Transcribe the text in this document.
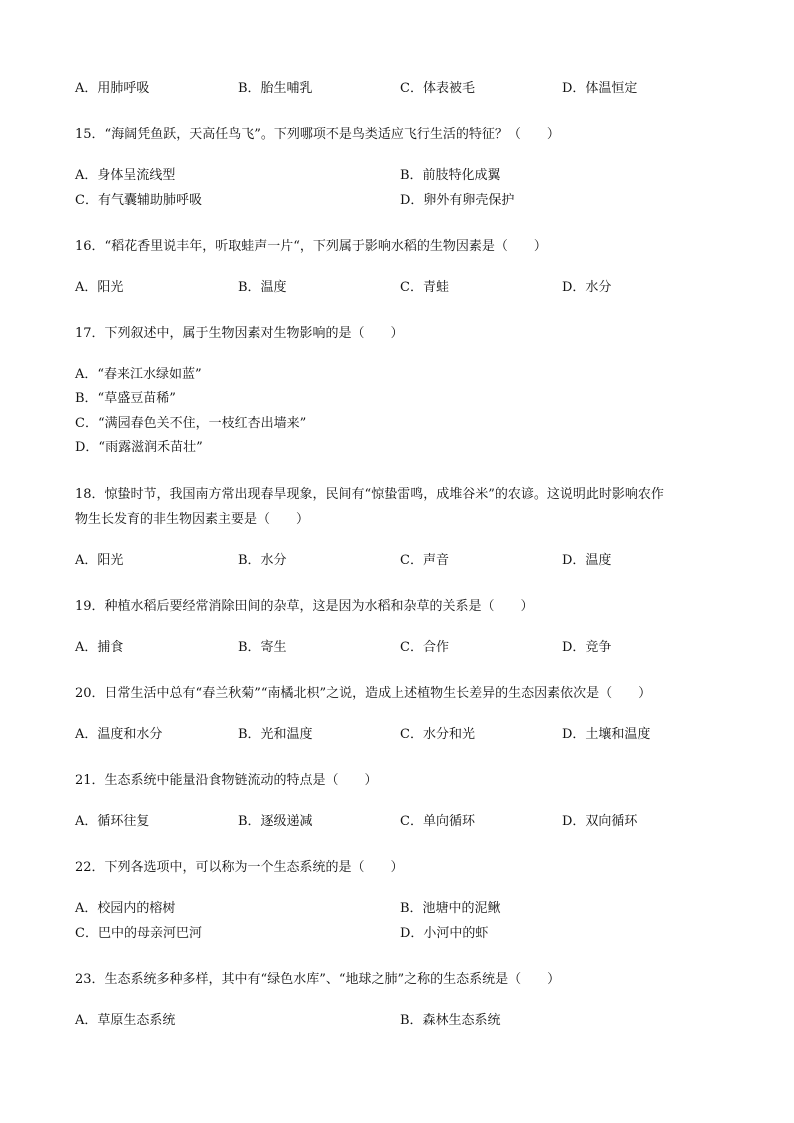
A．用肺呼吸	B．胎生哺乳	C．体表被毛	D．体温恒定
15．“海阔凭鱼跃，天高任鸟飞”。下列哪项不是鸟类适应飞行生活的特征？（　　）
A．身体呈流线型	B．前肢特化成翼
C．有气囊辅助肺呼吸	D．卵外有卵壳保护
16．“稻花香里说丰年，听取蛙声一片“，下列属于影响水稻的生物因素是（　　）
A．阳光	B．温度	C．青蛙	D．水分
17．下列叙述中，属于生物因素对生物影响的是（　　）
A．“春来江水绿如蓝”
B．“草盛豆苗稀”
C．“满园春色关不住，一枝红杏出墙来”
D．“雨露滋润禾苗壮”
18．惊蛰时节，我国南方常出现春旱现象，民间有“惊蛰雷鸣，成堆谷米”的农谚。这说明此时影响农作
物生长发育的非生物因素主要是（　　）
A．阳光	B．水分	C．声音	D．温度
19．种植水稻后要经常消除田间的杂草，这是因为水稻和杂草的关系是（　　）
A．捕食	B．寄生	C．合作	D．竞争
20．日常生活中总有“春兰秋菊”“南橘北枳”之说，造成上述植物生长差异的生态因素依次是（　　）
A．温度和水分	B．光和温度	C．水分和光	D．土壤和温度
21．生态系统中能量沿食物链流动的特点是（　　）
A．循环往复	B．逐级递减	C．单向循环	D．双向循环
22．下列各选项中，可以称为一个生态系统的是（　　）
A．校园内的榕树	B．池塘中的泥鳅
C．巴中的母亲河巴河	D．小河中的虾
23．生态系统多种多样，其中有“绿色水库”、“地球之肺”之称的生态系统是（　　）
A．草原生态系统	B．森林生态系统
